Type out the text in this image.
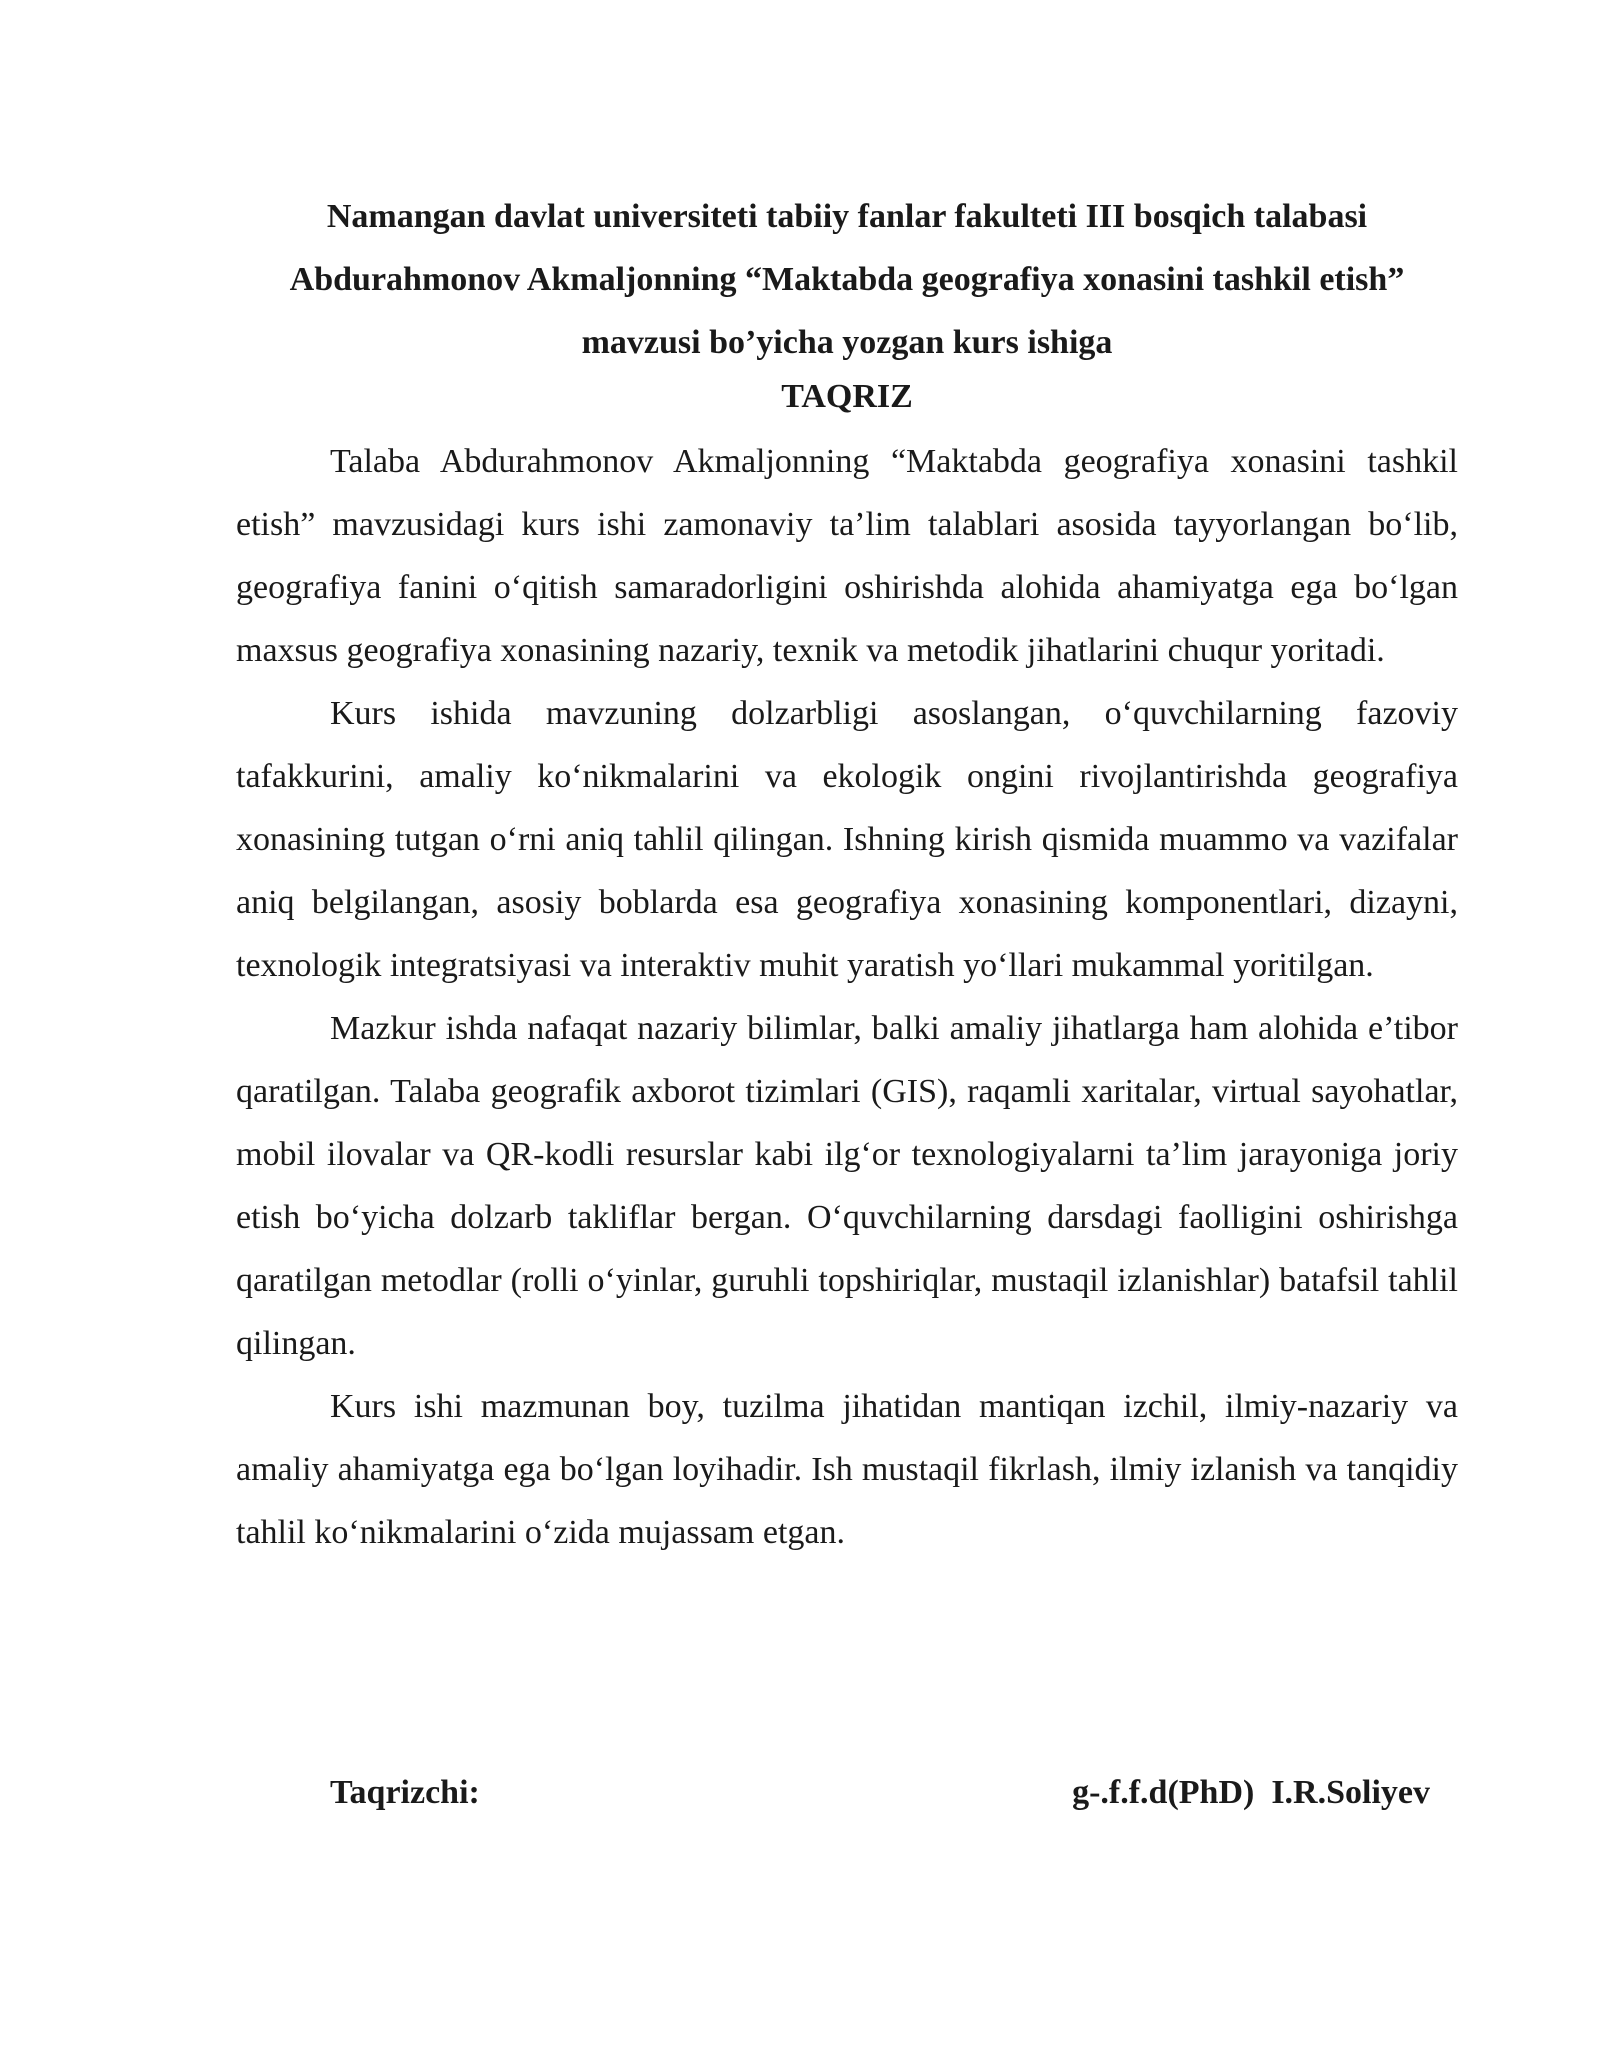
Namangan davlat universiteti tabiiy fanlar fakulteti III bosqich talabasi
Abdurahmonov Akmaljonning “Maktabda geografiya xonasini tashkil etish”
mavzusi bo’yicha yozgan kurs ishiga
TAQRIZ

Talaba Abdurahmonov Akmaljonning “Maktabda geografiya xonasini tashkil etish” mavzusidagi kurs ishi zamonaviy ta’lim talablari asosida tayyorlangan bo‘lib, geografiya fanini o‘qitish samaradorligini oshirishda alohida ahamiyatga ega bo‘lgan maxsus geografiya xonasining nazariy, texnik va metodik jihatlarini chuqur yoritadi.

Kurs ishida mavzuning dolzarbligi asoslangan, o‘quvchilarning fazoviy tafakkurini, amaliy ko‘nikmalarini va ekologik ongini rivojlantirishda geografiya xonasining tutgan o‘rni aniq tahlil qilingan. Ishning kirish qismida muammo va vazifalar aniq belgilangan, asosiy boblarda esa geografiya xonasining komponentlari, dizayni, texnologik integratsiyasi va interaktiv muhit yaratish yo‘llari mukammal yoritilgan.

Mazkur ishda nafaqat nazariy bilimlar, balki amaliy jihatlarga ham alohida e’tibor qaratilgan. Talaba geografik axborot tizimlari (GIS), raqamli xaritalar, virtual sayohatlar, mobil ilovalar va QR-kodli resurslar kabi ilg‘or texnologiyalarni ta’lim jarayoniga joriy etish bo‘yicha dolzarb takliflar bergan. O‘quvchilarning darsdagi faolligini oshirishga qaratilgan metodlar (rolli o‘yinlar, guruhli topshiriqlar, mustaqil izlanishlar) batafsil tahlil qilingan.

Kurs ishi mazmunan boy, tuzilma jihatidan mantiqan izchil, ilmiy-nazariy va amaliy ahamiyatga ega bo‘lgan loyihadir. Ish mustaqil fikrlash, ilmiy izlanish va tanqidiy tahlil ko‘nikmalarini o‘zida mujassam etgan.

Taqrizchi:	g-.f.f.d(PhD)  I.R.Soliyev
